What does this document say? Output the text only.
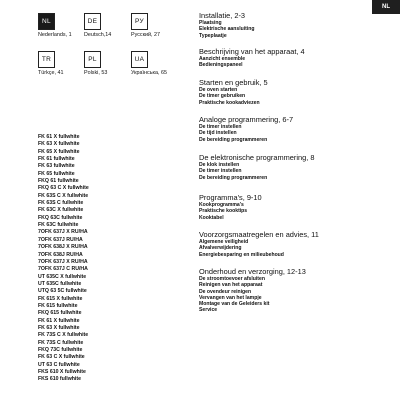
NL
NL
Nederlands, 1
DE
Deutsch,14
РУ
Русский, 27
TR
Türkçe, 41
PL
Polski, 53
UA
Українська, 65
FK 61 X fullwhite
FK 63 X fullwhite
FK 65 X fullwhite
FK 61 fullwhite
FK 63 fullwhite
FK 65 fullwhite
FKQ 61 fullwhite
FKQ 63 C X fullwhite
FK 63S C X fullwhite
FK 63S C fullwhite
FK 63C X fullwhite
FKQ 63C fullwhite
FK 63C fullwhite
7OFK 637J X RU/HA
7OFK 637J RU/HA
7OFK 638J X RU/HA
7OFK 638J RU/HA
7OFK 637J X RU/HA
7OFK 637J C RU/HA
UT 635C X fullwhite
UT 635C fullwhite
UTQ 63 5C fullwhite
FK 615 X fullwhite
FK 615 fullwhite
FKQ 615 fullwhite
FK 61 X fullwhite
FK 63 X fullwhite
FK 73S C X fullwhite
FK 73S C fullwhite
FKQ 73C fullwhite
FK 63 C X fullwhite
UT 63 C fullwhite
FKS 610 X fullwhite
FKS 610 fullwhite
Installatie, 2-3
Plaatsing
Elektrische aansluiting
Typeplaatje
Beschrijving van het apparaat, 4
Aanzicht ensemble
Bedieningspaneel
Starten en gebruik, 5
De oven starten
De timer gebruiken
Praktische kookadviezen
Analoge programmering, 6-7
De timer instellen
De tijd instellen
De bereiding programmeren
De elektronische programmering, 8
De klok instellen
De timer instellen
De bereiding programmeren
Programma's, 9-10
Kookprogramma's
Praktische kooktips
Kooktabel
Voorzorgsmaatregelen en advies, 11
Algemene veiligheid
Afvalverwijdering
Energiebesparing en milieubehoud
Onderhoud en verzorging, 12-13
De stroomtoevoer afsluiten
Reinigen van het apparaat
De ovendeur reinigen
Vervangen van het lampje
Montage van de Geleiders kit
Service
